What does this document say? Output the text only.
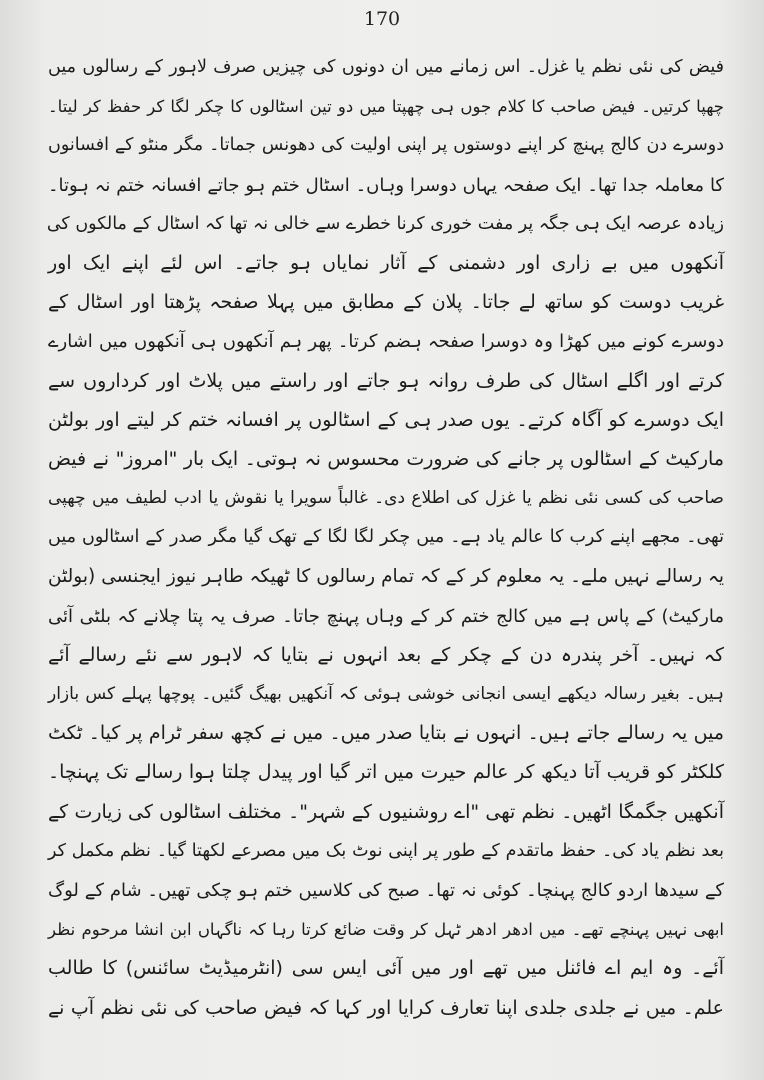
170
فیض کی نئی نظم یا غزل۔ اس زمانے میں ان دونوں کی چیزیں صرف لاہور کے رسالوں میں
چھپا کرتیں۔ فیض صاحب کا کلام جوں ہی چھپتا میں دو تین اسٹالوں کا چکر لگا کر حفظ کر لیتا۔
دوسرے دن کالج پہنچ کر اپنے دوستوں پر اپنی اولیت کی دھونس جماتا۔ مگر منٹو کے افسانوں
کا معاملہ جدا تھا۔ ایک صفحہ یہاں دوسرا وہاں۔ اسٹال ختم ہو جاتے افسانہ ختم نہ ہوتا۔
زیادہ عرصہ ایک ہی جگہ پر مفت خوری کرنا خطرے سے خالی نہ تھا کہ اسٹال کے مالکوں کی
آنکھوں میں بے زاری اور دشمنی کے آثار نمایاں ہو جاتے۔ اس لئے اپنے ایک اور
غریب دوست کو ساتھ لے جاتا۔ پلان کے مطابق میں پہلا صفحہ پڑھتا اور اسٹال کے
دوسرے کونے میں کھڑا وہ دوسرا صفحہ ہضم کرتا۔ پھر ہم آنکھوں ہی آنکھوں میں اشارے
کرتے اور اگلے اسٹال کی طرف روانہ ہو جاتے اور راستے میں پلاٹ اور کرداروں سے
ایک دوسرے کو آگاہ کرتے۔ یوں صدر ہی کے اسٹالوں پر افسانہ ختم کر لیتے اور بولٹن
مارکیٹ کے اسٹالوں پر جانے کی ضرورت محسوس نہ ہوتی۔ ایک بار "امروز" نے فیض
صاحب کی کسی نئی نظم یا غزل کی اطلاع دی۔ غالباً سویرا یا نقوش یا ادب لطیف میں چھپی
تھی۔ مجھے اپنے کرب کا عالم یاد ہے۔ میں چکر لگا لگا کے تھک گیا مگر صدر کے اسٹالوں میں
یہ رسالے نہیں ملے۔ یہ معلوم کر کے کہ تمام رسالوں کا ٹھیکہ طاہر نیوز ایجنسی (بولٹن
مارکیٹ) کے پاس ہے میں کالج ختم کر کے وہاں پہنچ جاتا۔ صرف یہ پتا چلانے کہ بلٹی آئی
کہ نہیں۔ آخر پندرہ دن کے چکر کے بعد انہوں نے بتایا کہ لاہور سے نئے رسالے آئے
ہیں۔ بغیر رسالہ دیکھے ایسی انجانی خوشی ہوئی کہ آنکھیں بھیگ گئیں۔ پوچھا پہلے کس بازار
میں یہ رسالے جاتے ہیں۔ انہوں نے بتایا صدر میں۔ میں نے کچھ سفر ٹرام پر کیا۔ ٹکٹ
کلکٹر کو قریب آتا دیکھ کر عالم حیرت میں اتر گیا اور پیدل چلتا ہوا رسالے تک پہنچا۔
آنکھیں جگمگا اٹھیں۔ نظم تھی "اے روشنیوں کے شہر"۔ مختلف اسٹالوں کی زیارت کے
بعد نظم یاد کی۔ حفظ ماتقدم کے طور پر اپنی نوٹ بک میں مصرعے لکھتا گیا۔ نظم مکمل کر
کے سیدھا اردو کالج پہنچا۔ کوئی نہ تھا۔ صبح کی کلاسیں ختم ہو چکی تھیں۔ شام کے لوگ
ابھی نہیں پہنچے تھے۔ میں ادھر ادھر ٹہل کر وقت ضائع کرتا رہا کہ ناگہاں ابن انشا مرحوم نظر
آئے۔ وہ ایم اے فائنل میں تھے اور میں آئی ایس سی (انٹرمیڈیٹ سائنس) کا طالب
علم۔ میں نے جلدی جلدی اپنا تعارف کرایا اور کہا کہ فیض صاحب کی نئی نظم آپ نے
